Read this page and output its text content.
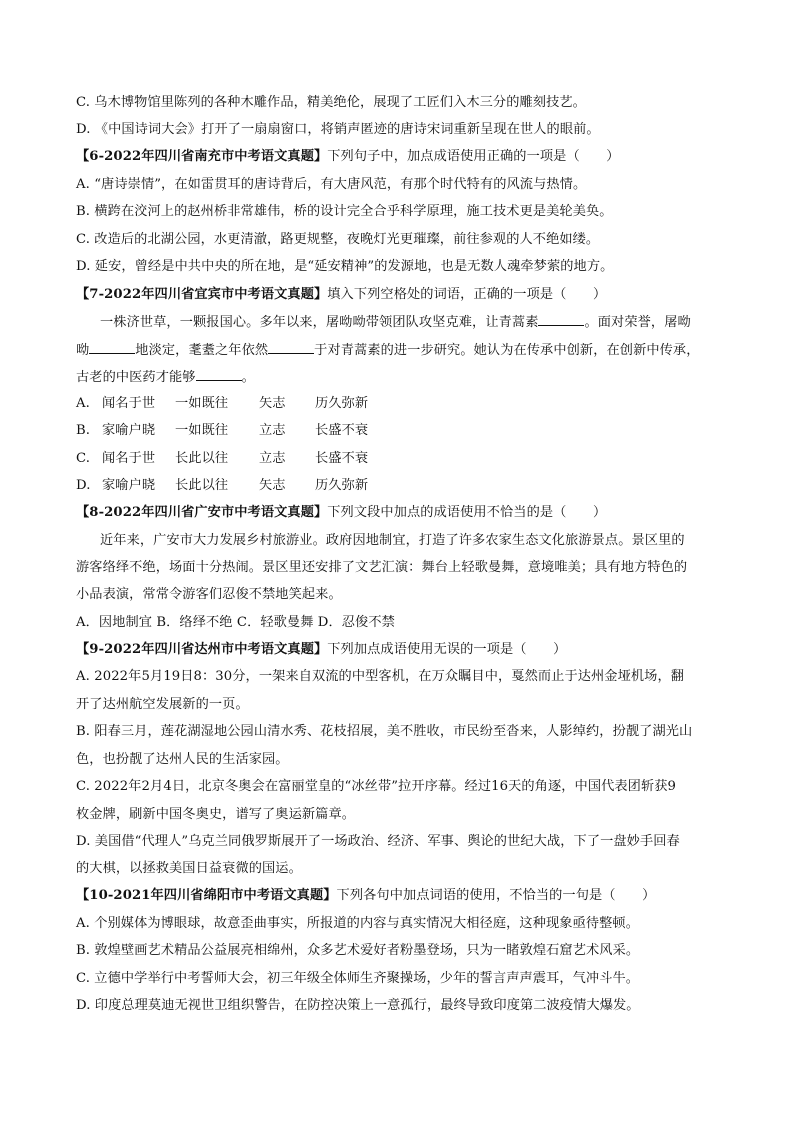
C. 乌木博物馆里陈列的各种木雕作品，精美绝伦，展现了工匠们入木三分的雕刻技艺。
D. 《中国诗词大会》打开了一扇扇窗口，将销声匿迹的唐诗宋词重新呈现在世人的眼前。
【6-2022年四川省南充市中考语文真题】下列句子中，加点成语使用正确的一项是（　　）
A. “唐诗崇情”，在如雷贯耳的唐诗背后，有大唐风范，有那个时代特有的风流与热情。
B. 横跨在洨河上的赵州桥非常雄伟，桥的设计完全合乎科学原理，施工技术更是美轮美奂。
C. 改造后的北湖公园，水更清澈，路更规整，夜晚灯光更璀璨，前往参观的人不绝如缕。
D. 延安，曾经是中共中央的所在地，是“延安精神”的发源地，也是无数人魂牵梦萦的地方。
【7-2022年四川省宜宾市中考语文真题】填入下列空格处的词语，正确的一项是（　　）
一株济世草，一颗报国心。多年以来，屠呦呦带领团队攻坚克难，让青蒿素	。面对荣誉，屠呦
呦	地淡定，耄耋之年依然	于对青蒿素的进一步研究。她认为在传承中创新，在创新中传承，
古老的中医药才能够	。
A. 闻名于世 一如既往 矢志 历久弥新
B. 家喻户晓 一如既往 立志 长盛不衰
C. 闻名于世 长此以往 立志 长盛不衰
D. 家喻户晓 长此以往 矢志 历久弥新
【8-2022年四川省广安市中考语文真题】下列文段中加点的成语使用不恰当的是（　　）
近年来，广安市大力发展乡村旅游业。政府因地制宜，打造了许多农家生态文化旅游景点。景区里的
游客络绎不绝，场面十分热闹。景区里还安排了文艺汇演：舞台上轻歌曼舞，意境唯美；具有地方特色的
小品表演，常常令游客们忍俊不禁地笑起来。
A．因地制宜 B．络绎不绝 C．轻歌曼舞 D．忍俊不禁
【9-2022年四川省达州市中考语文真题】下列加点成语使用无误的一项是（　　）
A. 2022年5月19日8：30分，一架来自双流的中型客机，在万众瞩目中，戛然而止于达州金垭机场，翻
开了达州航空发展新的一页。
B. 阳春三月，莲花湖湿地公园山清水秀、花枝招展，美不胜收，市民纷至沓来，人影绰约，扮靓了湖光山
色，也扮靓了达州人民的生活家园。
C. 2022年2月4日，北京冬奥会在富丽堂皇的“冰丝带”拉开序幕。经过16天的角逐，中国代表团斩获9
枚金牌，刷新中国冬奥史，谱写了奥运新篇章。
D. 美国借“代理人”乌克兰同俄罗斯展开了一场政治、经济、军事、舆论的世纪大战，下了一盘妙手回春
的大棋，以拯救美国日益衰微的国运。
【10-2021年四川省绵阳市中考语文真题】下列各句中加点词语的使用，不恰当的一句是（　　）
A. 个别媒体为博眼球，故意歪曲事实，所报道的内容与真实情况大相径庭，这种现象亟待整顿。
B. 敦煌壁画艺术精品公益展亮相绵州，众多艺术爱好者粉墨登场，只为一睹敦煌石窟艺术风采。
C. 立德中学举行中考誓师大会，初三年级全体师生齐聚操场，少年的誓言声声震耳，气冲斗牛。
D. 印度总理莫迪无视世卫组织警告，在防控决策上一意孤行，最终导致印度第二波疫情大爆发。
